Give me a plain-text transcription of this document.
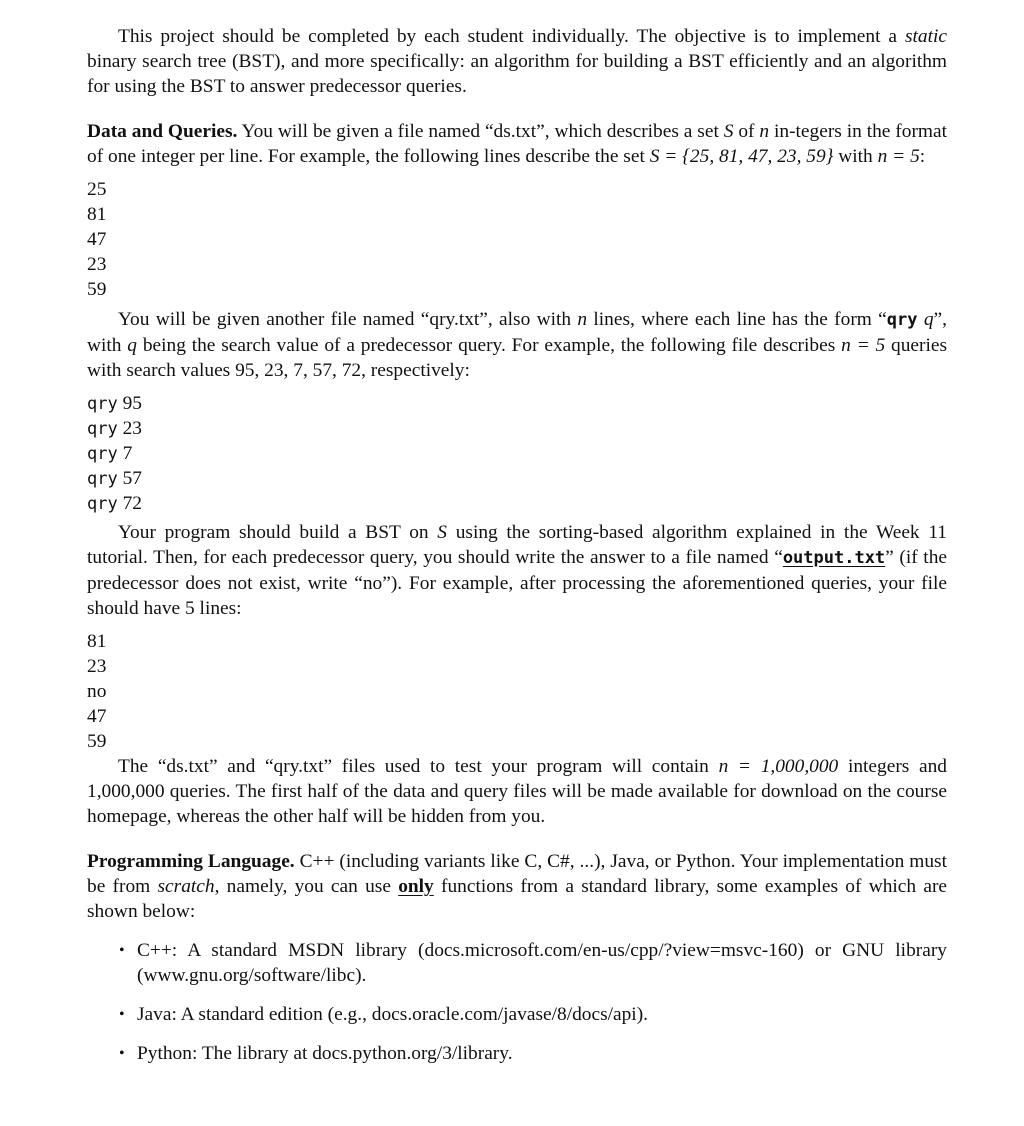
This project should be completed by each student individually. The objective is to implement a static binary search tree (BST), and more specifically: an algorithm for building a BST efficiently and an algorithm for using the BST to answer predecessor queries.

Data and Queries. You will be given a file named “ds.txt”, which describes a set S of n in-tegers in the format of one integer per line. For example, the following lines describe the set S = {25, 81, 47, 23, 59} with n = 5:

25
81
47
23
59

You will be given another file named “qry.txt”, also with n lines, where each line has the form “qry q”, with q being the search value of a predecessor query. For example, the following file describes n = 5 queries with search values 95, 23, 7, 57, 72, respectively:

qry 95
qry 23
qry 7
qry 57
qry 72

Your program should build a BST on S using the sorting-based algorithm explained in the Week 11 tutorial. Then, for each predecessor query, you should write the answer to a file named “output.txt” (if the predecessor does not exist, write “no”). For example, after processing the aforementioned queries, your file should have 5 lines:

81
23
no
47
59

The “ds.txt” and “qry.txt” files used to test your program will contain n = 1,000,000 integers and 1,000,000 queries. The first half of the data and query files will be made available for download on the course homepage, whereas the other half will be hidden from you.

Programming Language. C++ (including variants like C, C#, ...), Java, or Python. Your implementation must be from scratch, namely, you can use only functions from a standard library, some examples of which are shown below:

• C++: A standard MSDN library (docs.microsoft.com/en-us/cpp/?view=msvc-160) or GNU library (www.gnu.org/software/libc).
• Java: A standard edition (e.g., docs.oracle.com/javase/8/docs/api).
• Python: The library at docs.python.org/3/library.
